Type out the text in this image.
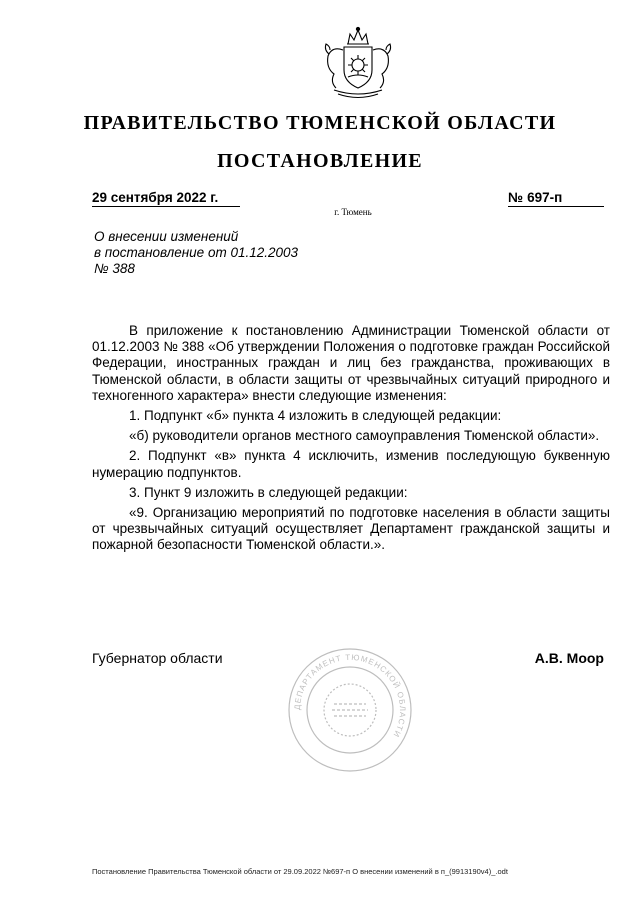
ПРАВИТЕЛЬСТВО ТЮМЕНСКОЙ ОБЛАСТИ
ПОСТАНОВЛЕНИЕ
29 сентября 2022 г.	№ 697-п
г. Тюмень
О внесении изменений
в постановление от 01.12.2003
№ 388

В приложение к постановлению Администрации Тюменской области от 01.12.2003 № 388 «Об утверждении Положения о подготовке граждан Российской Федерации, иностранных граждан и лиц без гражданства, проживающих в Тюменской области, в области защиты от чрезвычайных ситуаций природного и техногенного характера» внести следующие изменения:

1. Подпункт «б» пункта 4 изложить в следующей редакции:

«б) руководители органов местного самоуправления Тюменской области».

2. Подпункт «в» пункта 4 исключить, изменив последующую буквенную нумерацию подпунктов.

3. Пункт 9 изложить в следующей редакции:

«9. Организацию мероприятий по подготовке населения в области защиты от чрезвычайных ситуаций осуществляет Департамент гражданской защиты и пожарной безопасности Тюменской области.».

Губернатор области	А.В. Моор
ДЕПАРТАМЕНТ ТЮМЕНСКОЙ ОБЛАСТИ
Постановление Правительства Тюменской области от 29.09.2022 №697-п О внесении изменений в п_(9913190v4)_.odt
